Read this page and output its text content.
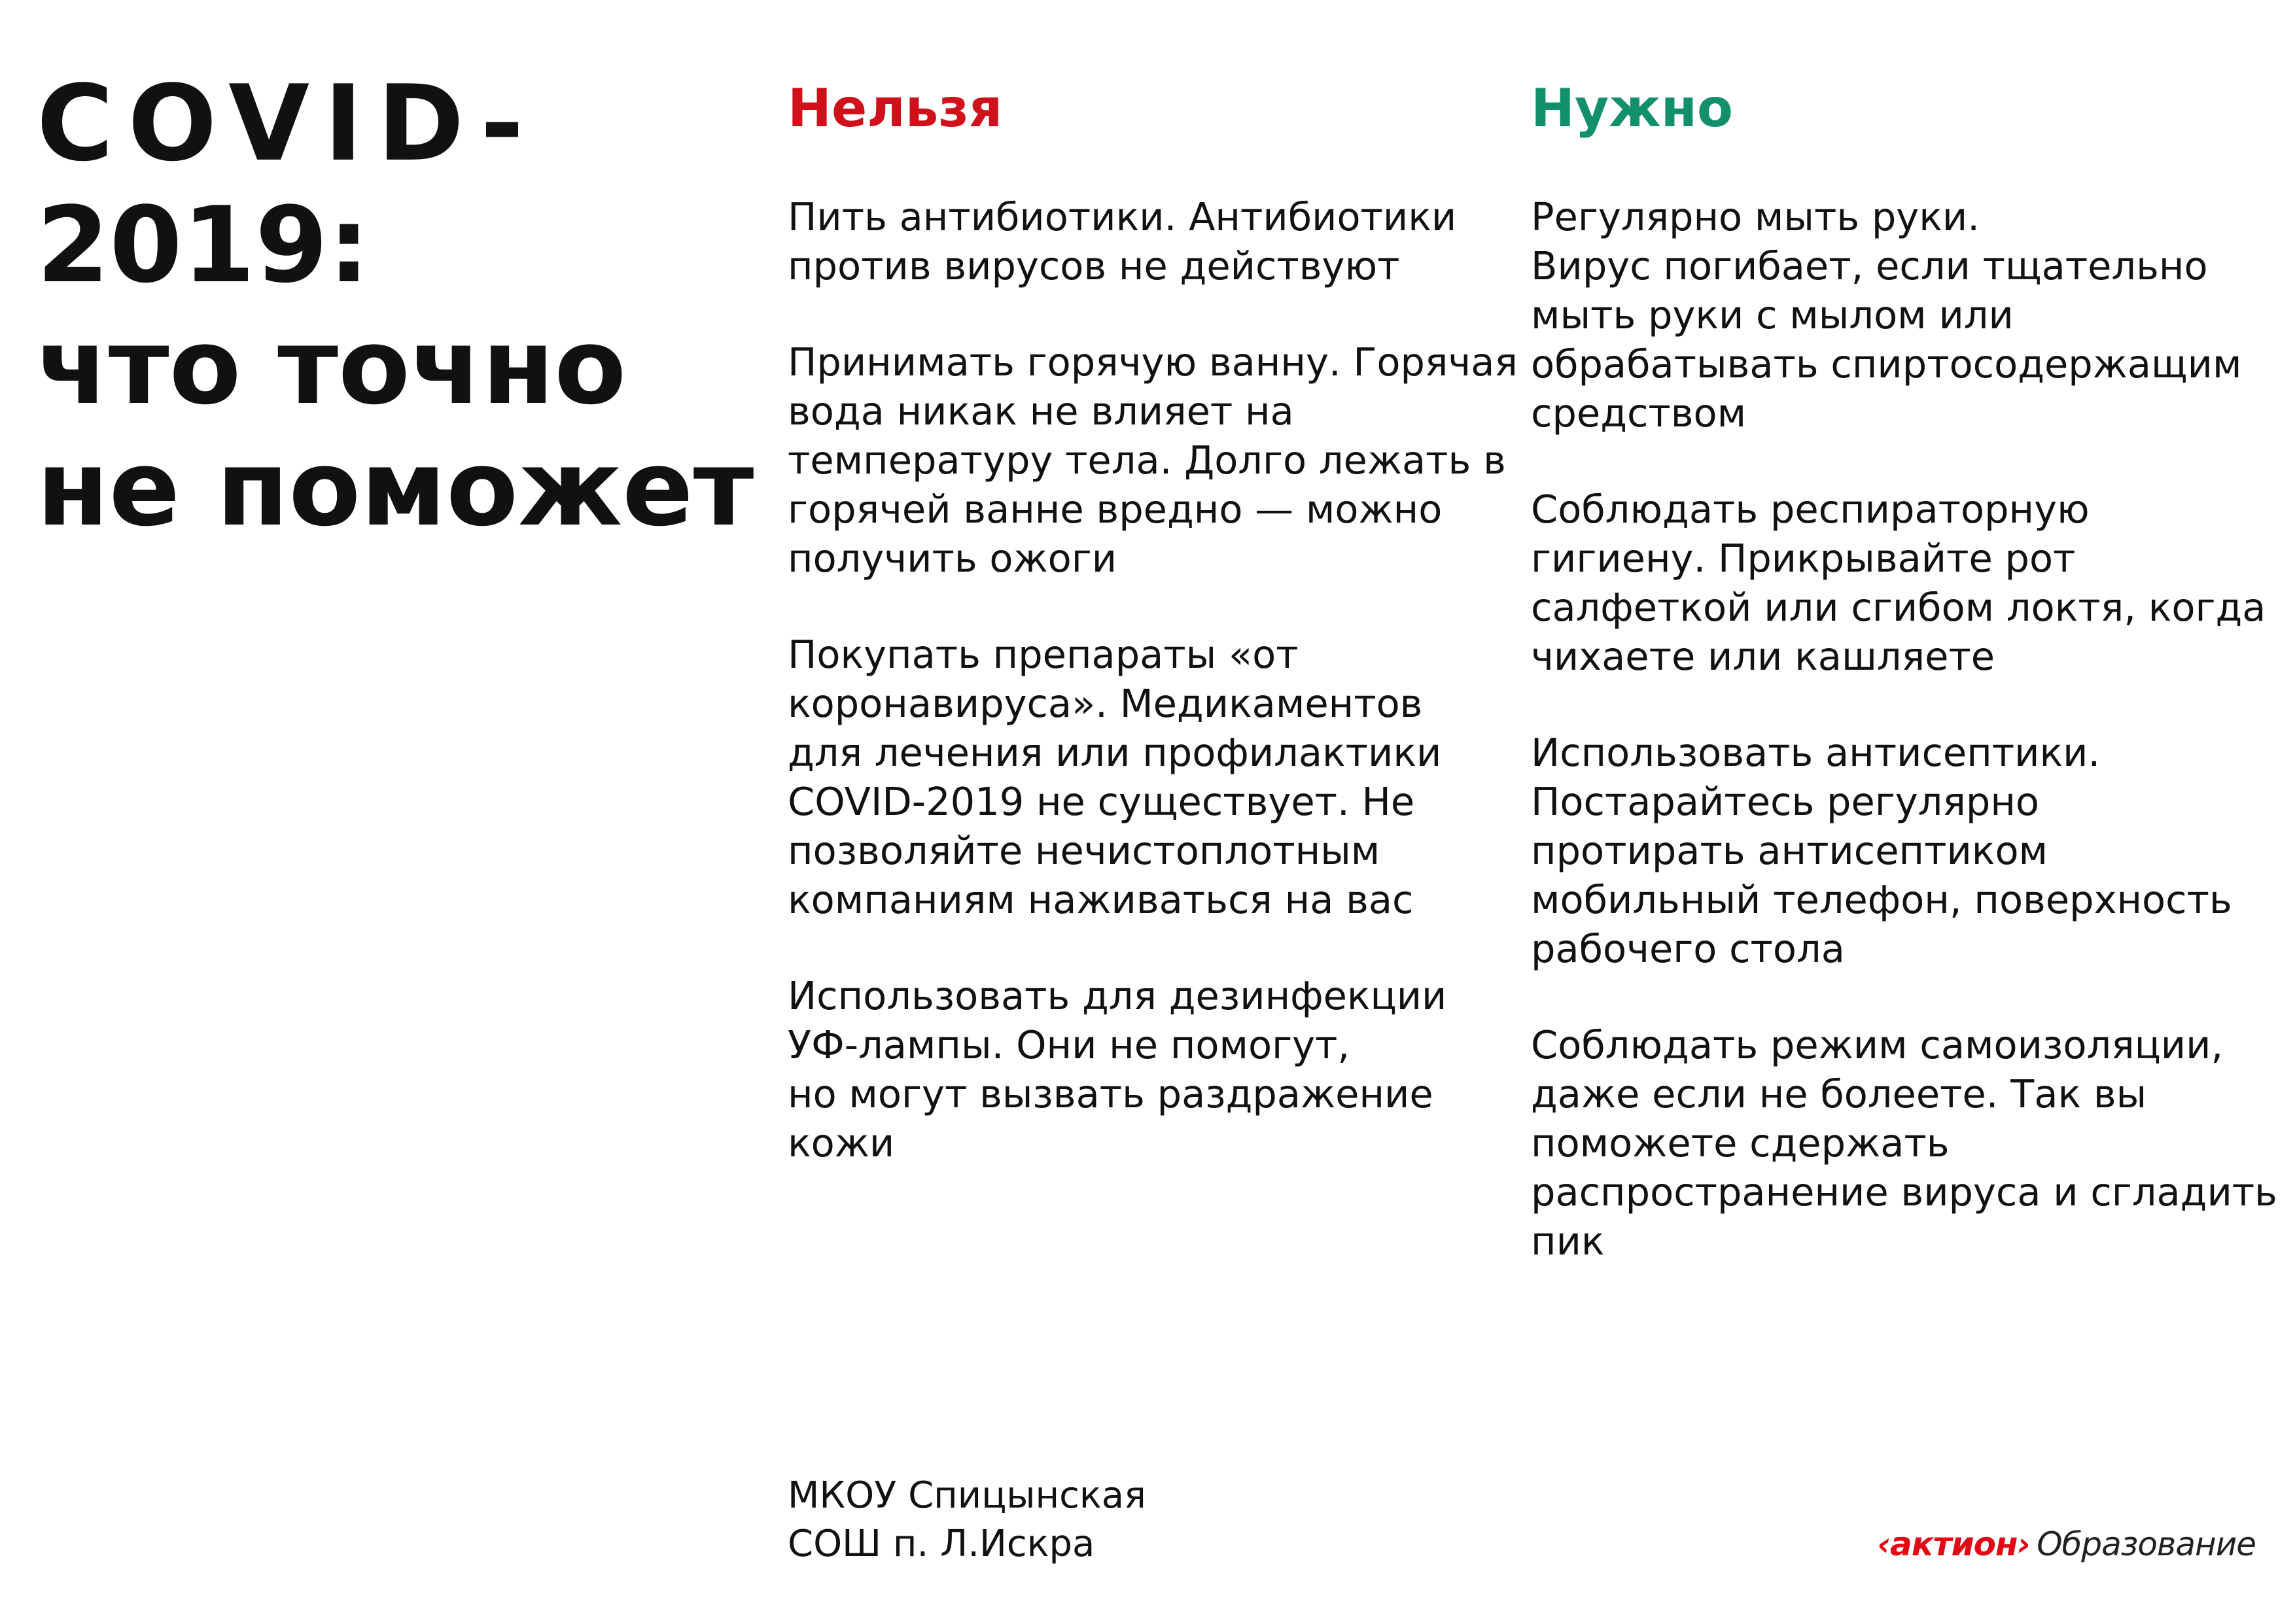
COVID-
2019:
что точно
не поможет
Нельзя

Пить антибиотики. Антибиотики
против вирусов не действуют

Принимать горячую ванну. Горячая
вода никак не влияет на
температуру тела. Долго лежать в
горячей ванне вредно — можно
получить ожоги

Покупать препараты «от
коронавируса». Медикаментов
для лечения или профилактики
COVID-2019 не существует. Не
позволяйте нечистоплотным
компаниям наживаться на вас

Использовать для дезинфекции
УФ-лампы. Они не помогут,
но могут вызвать раздражение
кожи

Нужно

Регулярно мыть руки.
Вирус погибает, если тщательно
мыть руки с мылом или
обрабатывать спиртосодержащим
средством

Соблюдать респираторную
гигиену. Прикрывайте рот
салфеткой или сгибом локтя, когда
чихаете или кашляете

Использовать антисептики.
Постарайтесь регулярно
протирать антисептиком
мобильный телефон, поверхность
рабочего стола

Соблюдать режим самоизоляции,
даже если не болеете. Так вы
поможете сдержать
распространение вируса и сгладить
пик

МКОУ Спицынская
СОШ п. Л.Искра	‹aктион› Образование
